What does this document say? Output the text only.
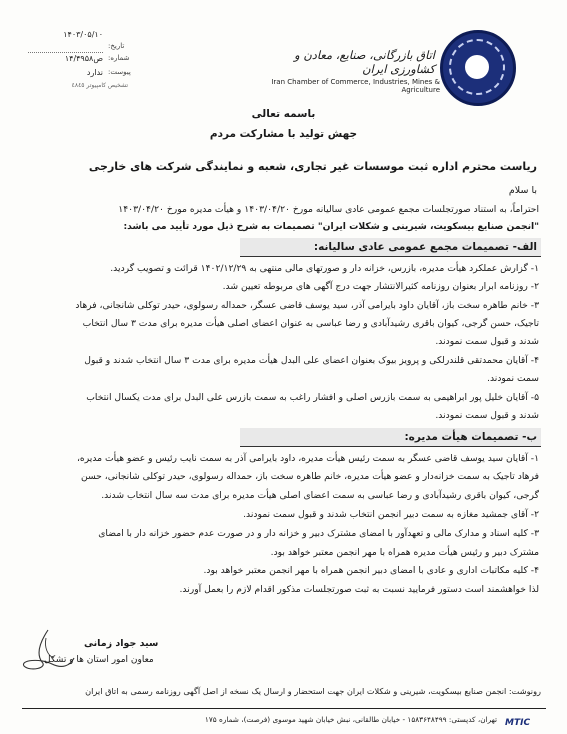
۱۴۰۳/۰۵/۱۰
تاریخ:
۱۴/۴۹۵۸ص شماره:
ندارد پیوست:
تشخیص کامپیوتر ٤۸٤٥
اتاق بازرگانی، صنایع، معادن و کشاورزی ایران
Iran Chamber of Commerce, Industries, Mines & Agriculture
باسمه تعالی
جهش تولید با مشارکت مردم
ریاست محترم اداره ثبت موسسات غیر تجاری، شعبه و نمایندگی شرکت های خارجی
با سلام
احتراماً، به استناد صورتجلسات مجمع عمومی عادی سالیانه مورخ ۱۴۰۳/۰۴/۲۰ و هیأت مدیره مورخ ۱۴۰۳/۰۴/۲۰
"انجمن صنایع بیسکویت، شیرینی و شکلات ایران" تصمیمات به شرح ذیل مورد تأیید می باشد:
الف- تصمیمات مجمع عمومی عادی سالیانه:
۱- گزارش عملکرد هیأت مدیره، بازرس، خزانه دار و صورتهای مالی منتهی به ۱۴۰۲/۱۲/۲۹ قرائت و تصویب گردید.
۲- روزنامه ابرار بعنوان روزنامه کثیرالانتشار جهت درج آگهی های مربوطه تعیین شد.
۳- خانم طاهره سخت باز، آقایان داود بایرامی آذر، سید یوسف قاضی عسگر، حمداله رسولوی، حیدر توکلی شانجانی، فرهاد
تاجیک، حسن گرجی، کیوان باقری رشیدآبادی و رضا عباسی به عنوان اعضای اصلی هیأت مدیره برای مدت ۳ سال انتخاب
شدند و قبول سمت نمودند.
۴- آقایان محمدتقی قلندرلکی و پرویز بیوک بعنوان اعضای علی البدل هیأت مدیره برای مدت ۳ سال انتخاب شدند و قبول
سمت نمودند.
۵- آقایان خلیل پور ابراهیمی به سمت بازرس اصلی و افشار راغب به سمت بازرس علی البدل برای مدت یکسال انتخاب
شدند و قبول سمت نمودند.
ب- تصمیمات هیأت مدیره:
۱- آقایان سید یوسف قاضی عسگر به سمت رئیس هیأت مدیره، داود بایرامی آذر به سمت نایب رئیس و عضو هیأت مدیره،
فرهاد تاجیک به سمت خزانه‌دار و عضو هیأت مدیره، خانم طاهره سخت باز، حمداله رسولوی، حیدر توکلی شانجانی، حسن
گرجی، کیوان باقری رشیدآبادی و رضا عباسی به سمت اعضای اصلی هیأت مدیره برای مدت سه سال انتخاب شدند.
۲- آقای جمشید مغازه به سمت دبیر انجمن انتخاب شدند و قبول سمت نمودند.
۳- کلیه اسناد و مدارک مالی و تعهدآور با امضای مشترک دبیر و خزانه دار و در صورت عدم حضور خزانه دار با امضای
مشترک دبیر و رئیس هیأت مدیره همراه با مهر انجمن معتبر خواهد بود.
۴- کلیه مکاتبات اداری و عادی با امضای دبیر انجمن همراه با مهر انجمن معتبر خواهد بود.
لذا خواهشمند است دستور فرمایید نسبت به ثبت صورتجلسات مذکور اقدام لازم را بعمل آورند.
سید جواد زمانی
معاون امور استان ها و تشکل
رونوشت: انجمن صنایع بیسکویت، شیرینی و شکلات ایران جهت استحضار و ارسال یک نسخه از اصل آگهی روزنامه رسمی به اتاق ایران
تهران، کدپستی: ۱۵۸۳۶۴۸۴۹۹ - خیابان طالقانی، نبش خیابان شهید موسوی (فرصت)، شماره ۱۷۵ MTIC
